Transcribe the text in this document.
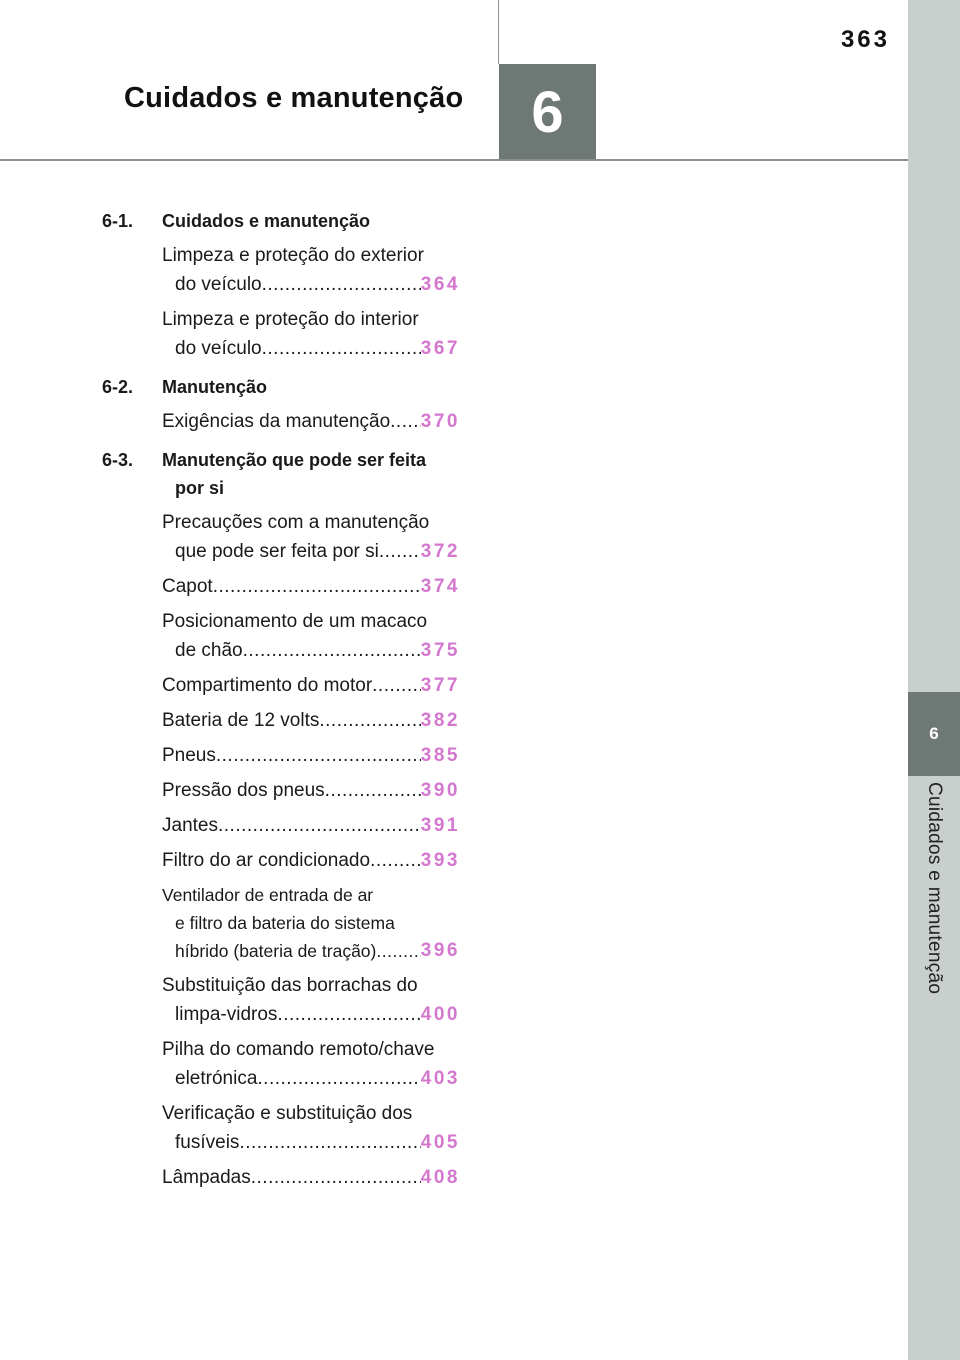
363
Cuidados e manutenção	6
6
Cuidados e manutenção
6-1.	Cuidados e manutenção
Limpeza e proteção do exterior
do veículo .....	364
Limpeza e proteção do interior
do veículo .....	367
6-2.	Manutenção
Exigências da manutenção ..... 370
6-3.	Manutenção que pode ser feita
por si
Precauções com a manutenção
que pode ser feita por si ..... 372
Capot .....	374
Posicionamento de um macaco
de chão .....	375
Compartimento do motor .....	377
Bateria de 12 volts .....	382
Pneus .....	385
Pressão dos pneus .....	390
Jantes .....	391
Filtro do ar condicionado .....	393
Ventilador de entrada de ar
e filtro da bateria do sistema
híbrido (bateria de tração) ..... 396
Substituição das borrachas do
limpa-vidros .....	400
Pilha do comando remoto/chave
eletrónica .....	403
Verificação e substituição dos
fusíveis .....	405
Lâmpadas .....	408
